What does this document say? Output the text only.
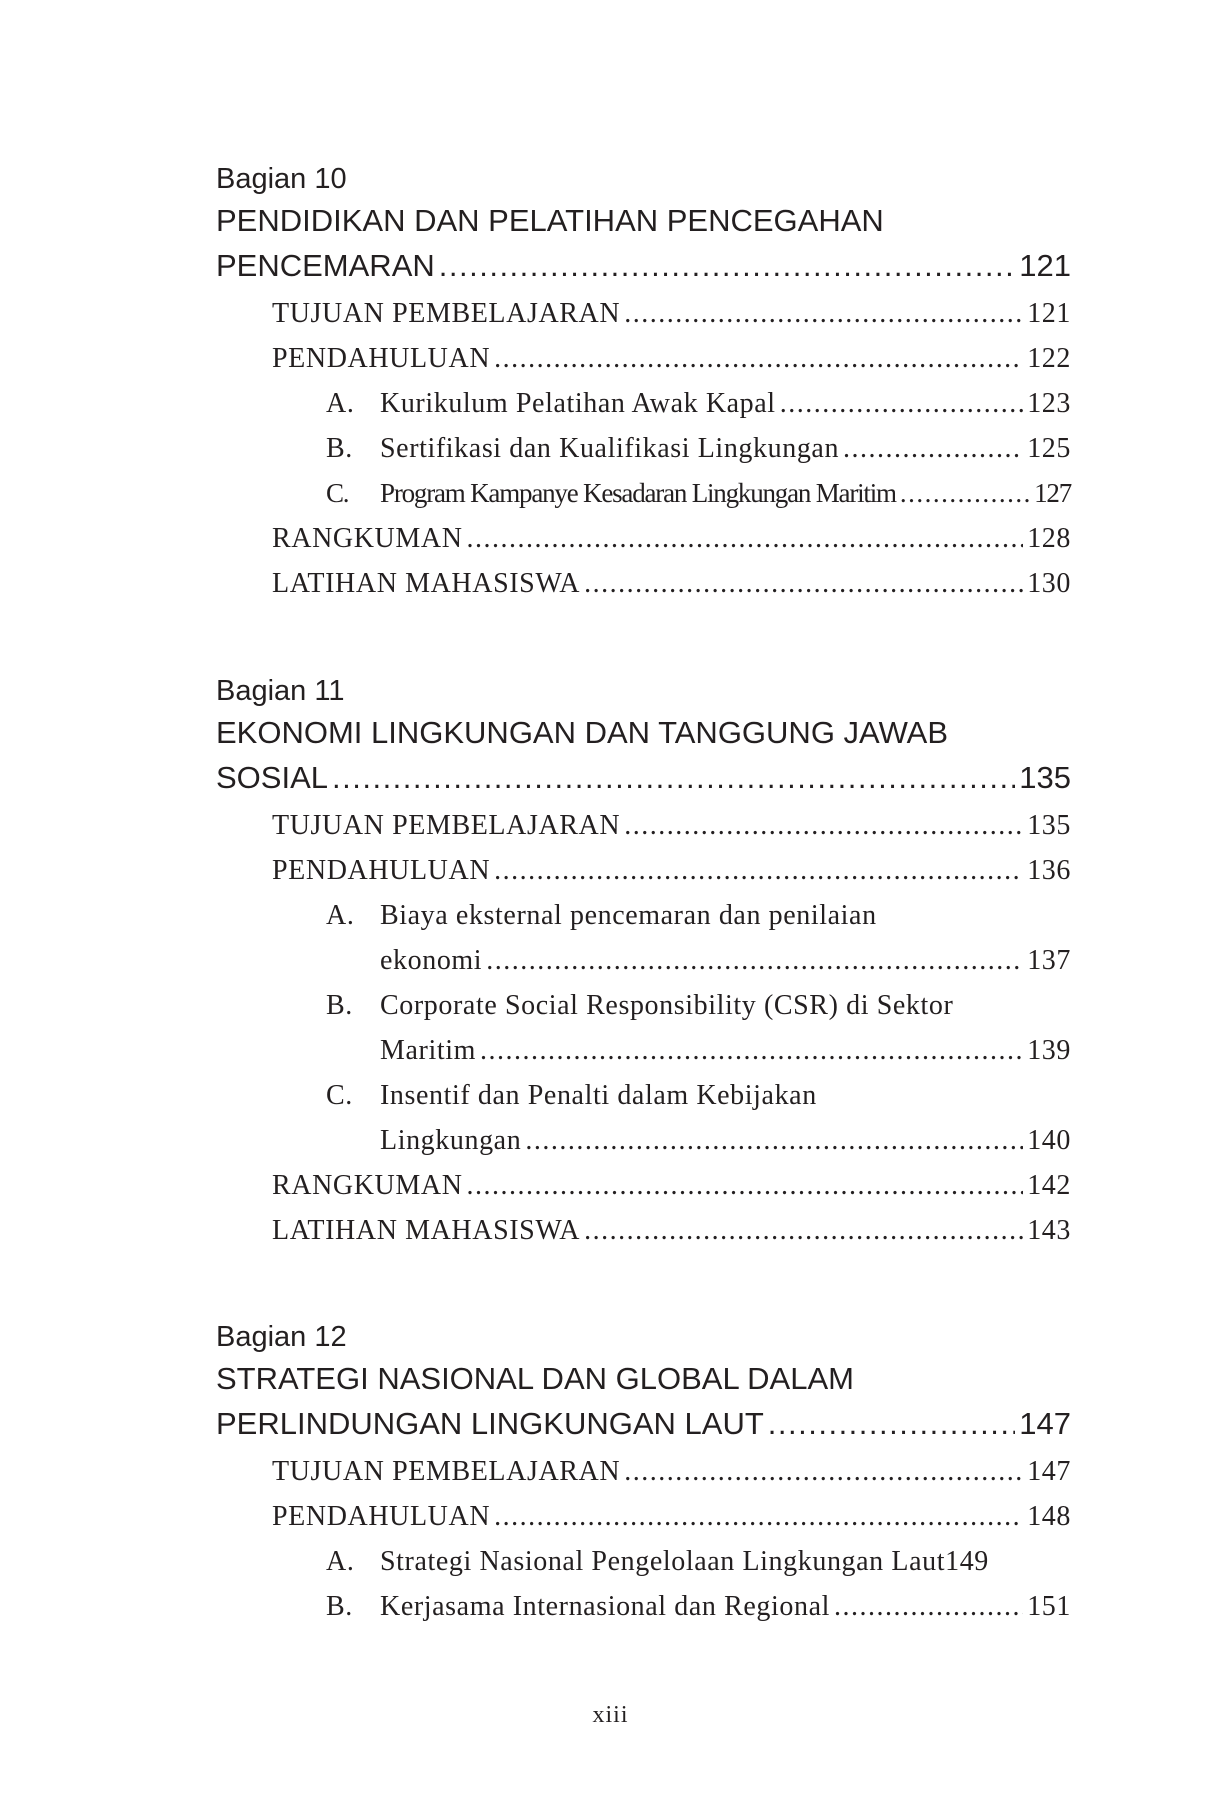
Bagian 10
PENDIDIKAN DAN PELATIHAN PENCEGAHAN
PENCEMARAN .....	121
TUJUAN PEMBELAJARAN .....	121
PENDAHULUAN .....	122
A. Kurikulum Pelatihan Awak Kapal .....	123
B. Sertifikasi dan Kualifikasi Lingkungan .....	125
C.	Program Kampanye Kesadaran Lingkungan Maritim .....	127
RANGKUMAN .....	128
LATIHAN MAHASISWA .....	130
Bagian 11
EKONOMI LINGKUNGAN DAN TANGGUNG JAWAB
SOSIAL .....	135
TUJUAN PEMBELAJARAN .....	135
PENDAHULUAN .....	136
A. Biaya eksternal pencemaran dan penilaian
ekonomi .....	137
B. Corporate Social Responsibility (CSR) di Sektor
Maritim .....	139
C. Insentif dan Penalti dalam Kebijakan
Lingkungan .....	140
RANGKUMAN .....	142
LATIHAN MAHASISWA .....	143
Bagian 12
STRATEGI NASIONAL DAN GLOBAL DALAM
PERLINDUNGAN LINGKUNGAN LAUT .....	147
TUJUAN PEMBELAJARAN .....	147
PENDAHULUAN .....	148
A. Strategi Nasional Pengelolaan Lingkungan Laut 149
B. Kerjasama Internasional dan Regional .....	151
xiii
